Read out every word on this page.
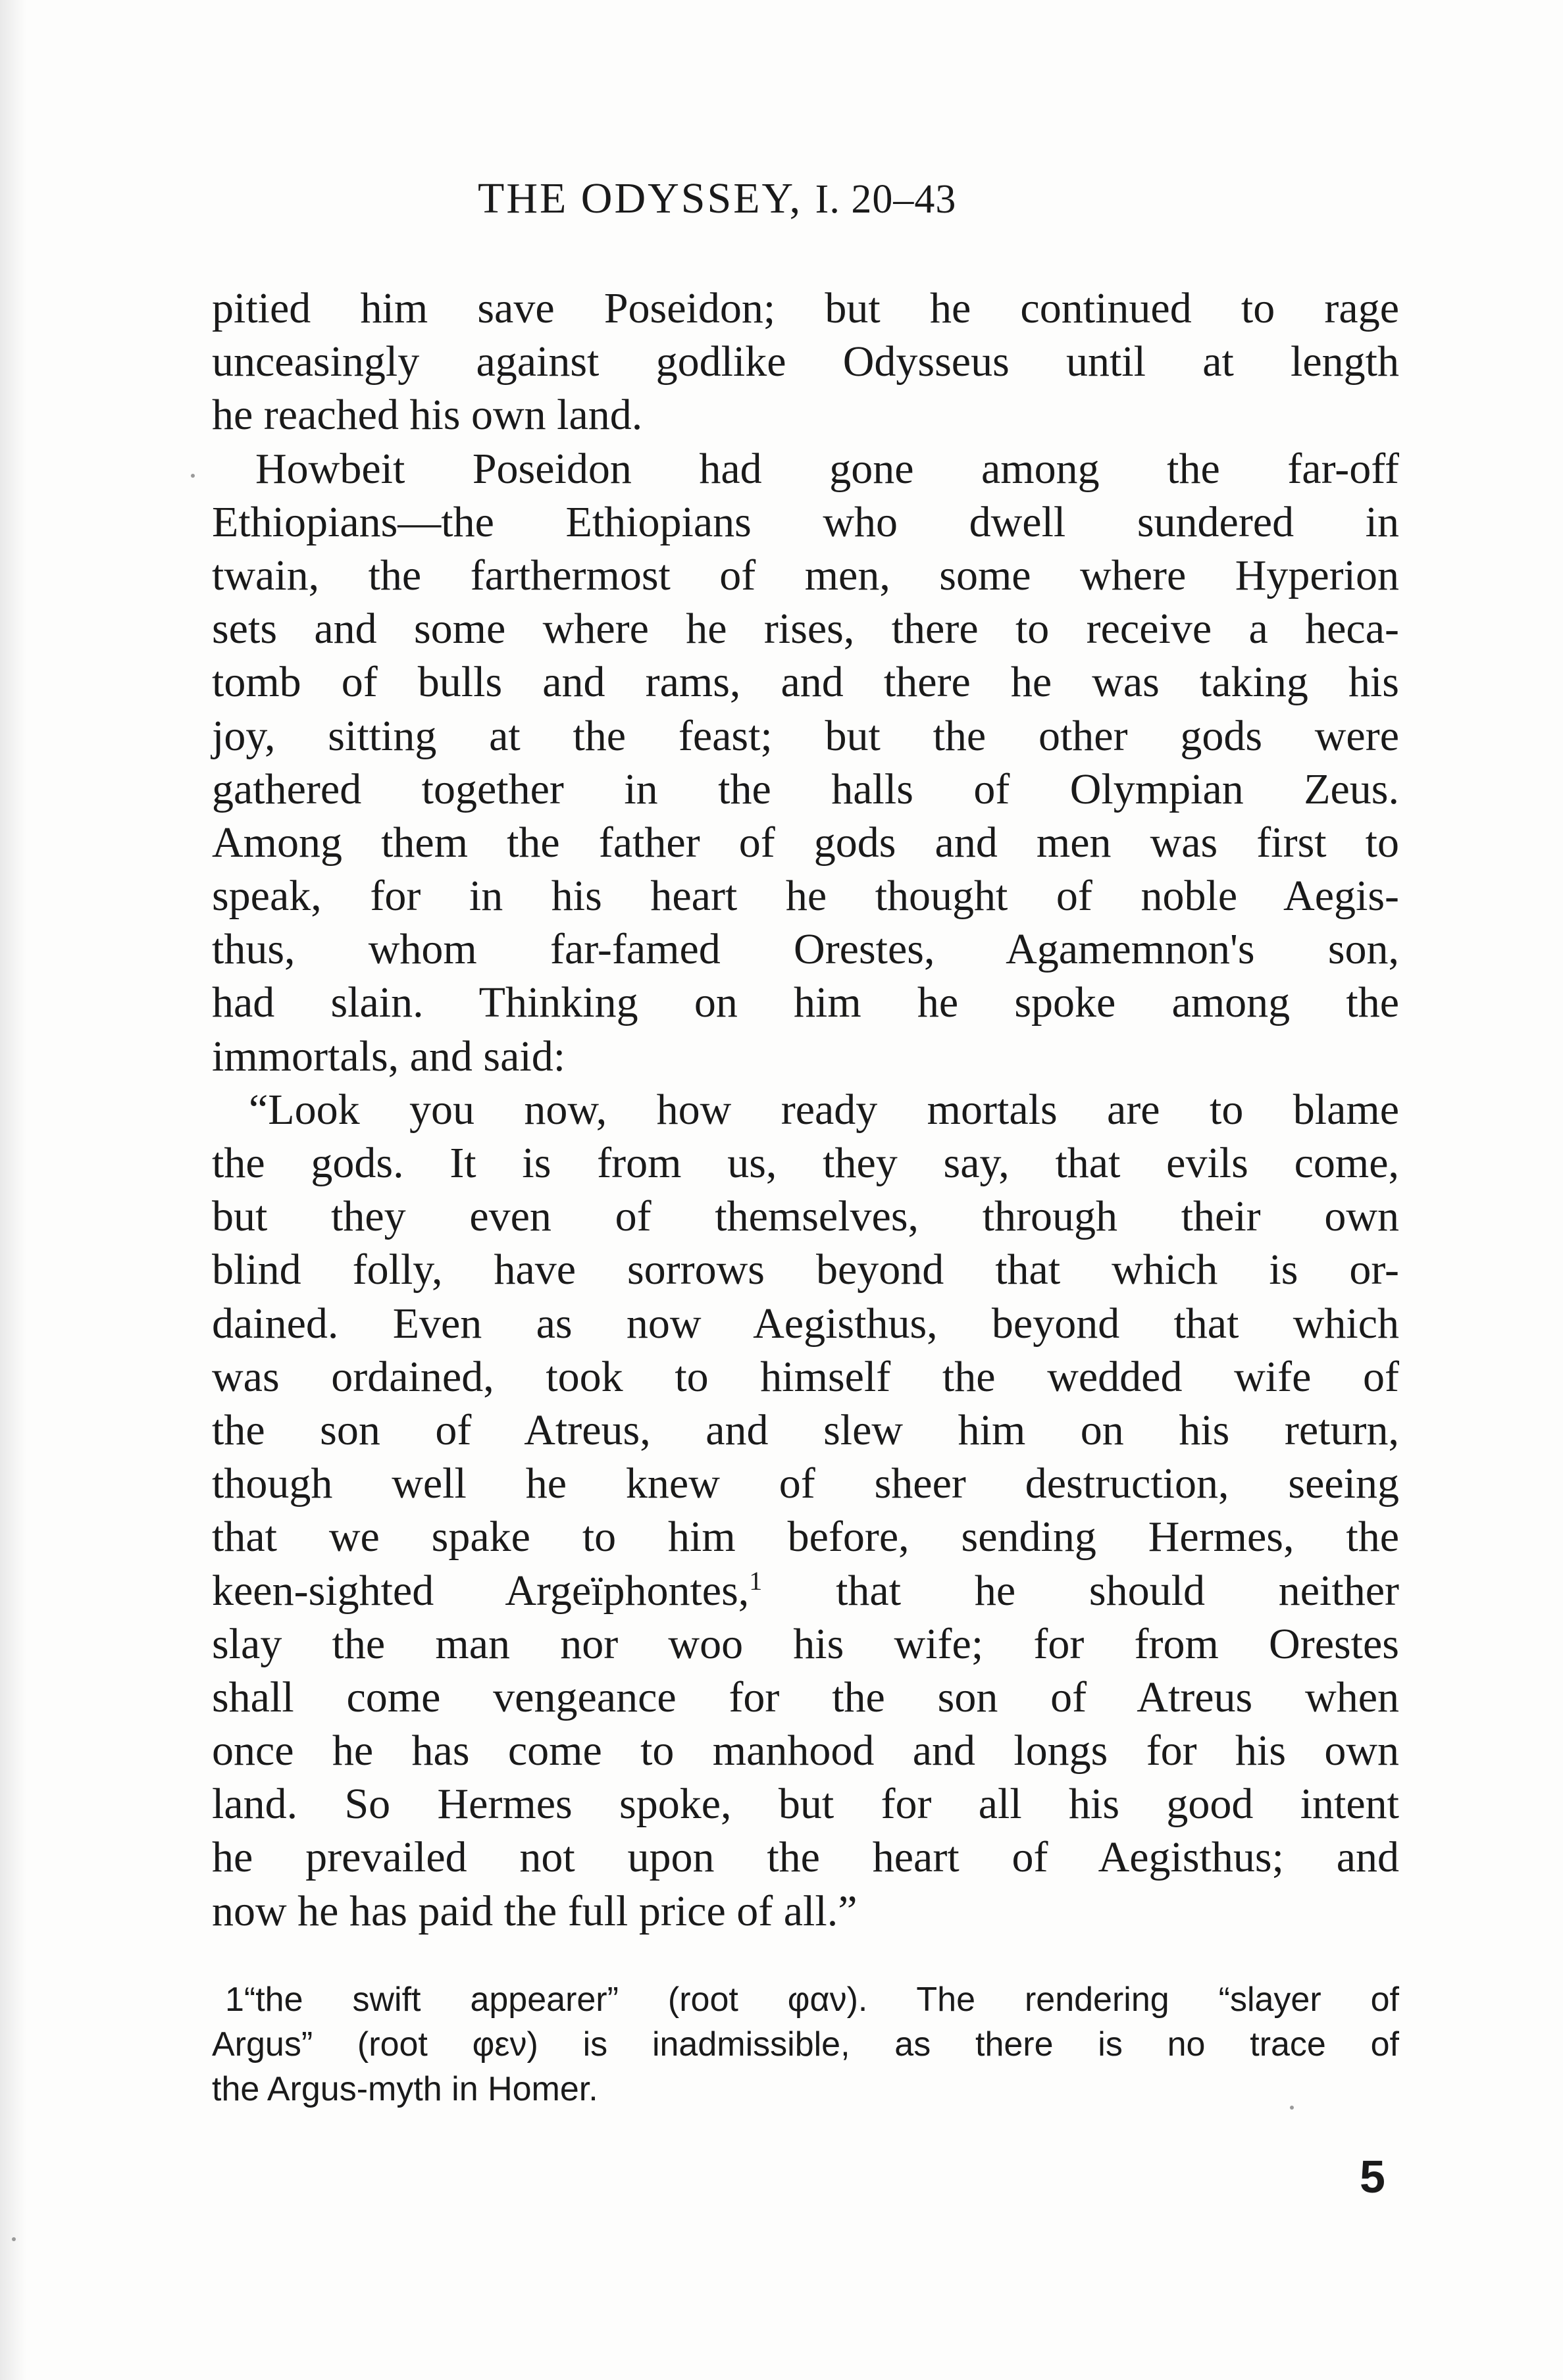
THE ODYSSEY, I. 20–43
pitied him save Poseidon; but he continued to rage
unceasingly against godlike Odysseus until at length
he reached his own land.
Howbeit Poseidon had gone among the far-off
Ethiopians—the Ethiopians who dwell sundered in
twain, the farthermost of men, some where Hyperion
sets and some where he rises, there to receive a heca-
tomb of bulls and rams, and there he was taking his
joy, sitting at the feast; but the other gods were
gathered together in the halls of Olympian Zeus.
Among them the father of gods and men was first to
speak, for in his heart he thought of noble Aegis-
thus, whom far-famed Orestes, Agamemnon's son,
had slain. Thinking on him he spoke among the
immortals, and said:
“Look you now, how ready mortals are to blame
the gods. It is from us, they say, that evils come,
but they even of themselves, through their own
blind folly, have sorrows beyond that which is or-
dained. Even as now Aegisthus, beyond that which
was ordained, took to himself the wedded wife of
the son of Atreus, and slew him on his return,
though well he knew of sheer destruction, seeing
that we spake to him before, sending Hermes, the
keen-sighted Argeïphontes,$^1$ that he should neither
slay the man nor woo his wife; for from Orestes
shall come vengeance for the son of Atreus when
once he has come to manhood and longs for his own
land. So Hermes spoke, but for all his good intent
he prevailed not upon the heart of Aegisthus; and
now he has paid the full price of all.”
1“the swift appearer” (root φαν). The rendering “slayer of
Argus” (root φεν) is inadmissible, as there is no trace of
the Argus-myth in Homer.
5
